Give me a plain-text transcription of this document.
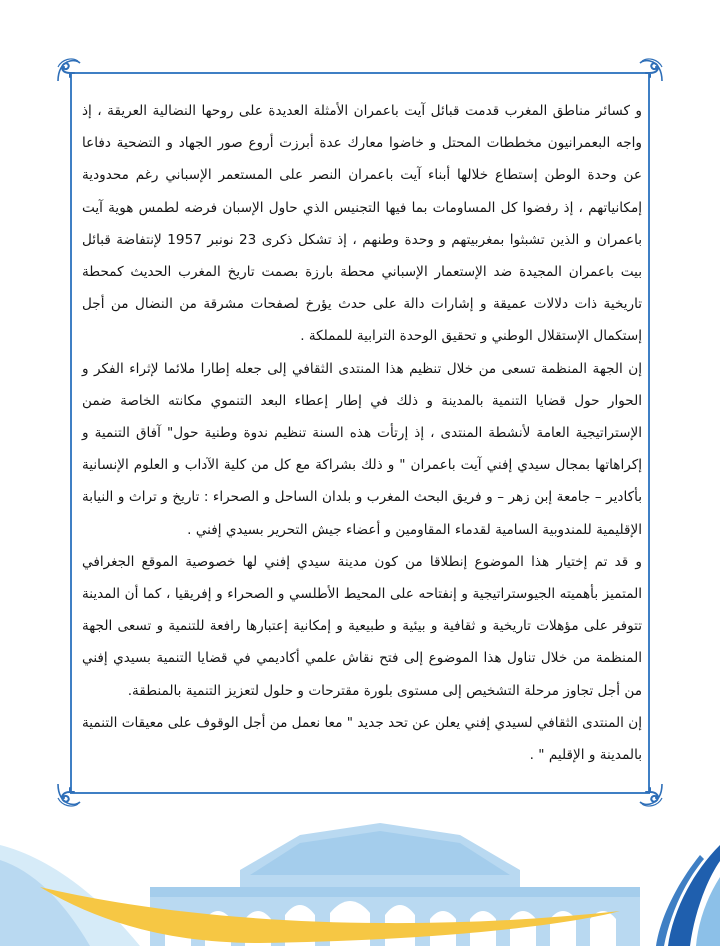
و كسائر مناطق المغرب قدمت قبائل آيت باعمران الأمثلة العديدة على روحها النضالية العريقة ، إذ واجه البعمرانيون مخططات المحتل و خاضوا معارك عدة أبرزت أروع صور الجهاد و التضحية دفاعا عن وحدة الوطن إستطاع خلالها أبناء آيت باعمران النصر على المستعمر الإسباني رغم محدودية إمكانياتهم ، إذ رفضوا كل المساومات بما فيها التجنيس الذي حاول الإسبان فرضه لطمس هوية آيت باعمران و الذين تشبثوا بمغربيتهم و وحدة وطنهم ، إذ تشكل ذكرى 23 نونبر 1957 لإنتفاضة قبائل بيت باعمران المجيدة ضد الإستعمار الإسباني محطة بارزة بصمت تاريخ المغرب الحديث كمحطة تاريخية ذات دلالات عميقة و إشارات دالة على حدث يؤرخ لصفحات مشرقة من النضال من أجل إستكمال الإستقلال الوطني و تحقيق الوحدة الترابية للمملكة .

إن الجهة المنظمة تسعى من خلال تنظيم هذا المنتدى الثقافي إلى جعله إطارا ملائما لإثراء الفكر و الحوار حول قضايا التنمية بالمدينة و ذلك في إطار إعطاء البعد التنموي مكانته الخاصة ضمن الإستراتيجية العامة لأنشطة المنتدى ، إذ إرتأت هذه السنة تنظيم ندوة وطنية حول" آفاق التنمية و إكراهاتها بمجال سيدي إفني آيت باعمران " و ذلك بشراكة مع كل من كلية الآداب و العلوم الإنسانية بأكادير – جامعة إبن زهر – و فريق البحث المغرب و بلدان الساحل و الصحراء : تاريخ و تراث و النيابة الإقليمية للمندوبية السامية لقدماء المقاومين و أعضاء جيش التحرير بسيدي إفني .

و قد تم إختيار هذا الموضوع إنطلاقا من كون مدينة سيدي إفني لها خصوصية الموقع الجغرافي المتميز بأهميته الجيوستراتيجية و إنفتاحه على المحيط الأطلسي و الصحراء و إفريقيا ، كما أن المدينة تتوفر على مؤهلات تاريخية و ثقافية و بيئية و طبيعية و إمكانية إعتبارها رافعة للتنمية و تسعى الجهة المنظمة من خلال تناول هذا الموضوع إلى فتح نقاش علمي أكاديمي في قضايا التنمية بسيدي إفني من أجل تجاوز مرحلة التشخيص إلى مستوى بلورة مقترحات و حلول لتعزيز التنمية بالمنطقة.

إن المنتدى الثقافي لسيدي إفني يعلن عن تحد جديد " معا نعمل من أجل الوقوف على معيقات التنمية بالمدينة و الإقليم " .
